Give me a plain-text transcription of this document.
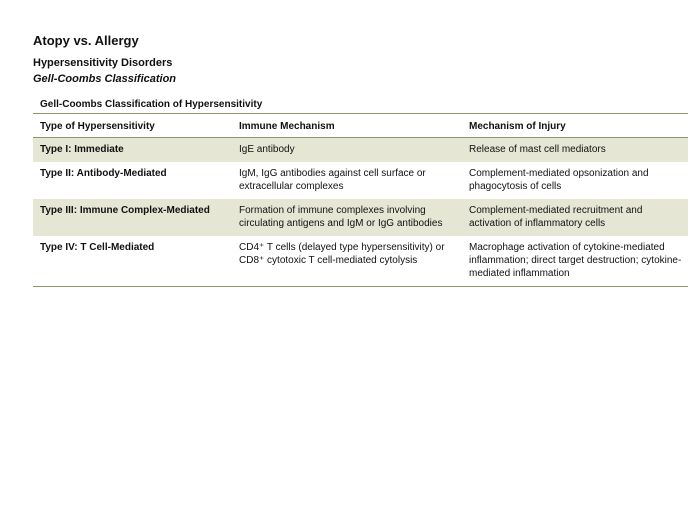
Atopy vs. Allergy
Hypersensitivity Disorders
Gell-Coombs Classification
Gell-Coombs Classification of Hypersensitivity
Type of Hypersensitivity	Immune Mechanism	Mechanism of Injury
Type I: Immediate	IgE antibody	Release of mast cell mediators
Type II: Antibody-Mediated	IgM, IgG antibodies against cell surface or extracellular complexes	Complement-mediated opsonization and phagocytosis of cells
Type III: Immune Complex-Mediated	Formation of immune complexes involving circulating antigens and IgM or IgG antibodies	Complement-mediated recruitment and activation of inflammatory cells
Type IV: T Cell-Mediated	CD4⁺ T cells (delayed type hypersensitivity) or CD8⁺ cytotoxic T cell-mediated cytolysis	Macrophage activation of cytokine-mediated inflammation; direct target destruction; cytokine-mediated inflammation
